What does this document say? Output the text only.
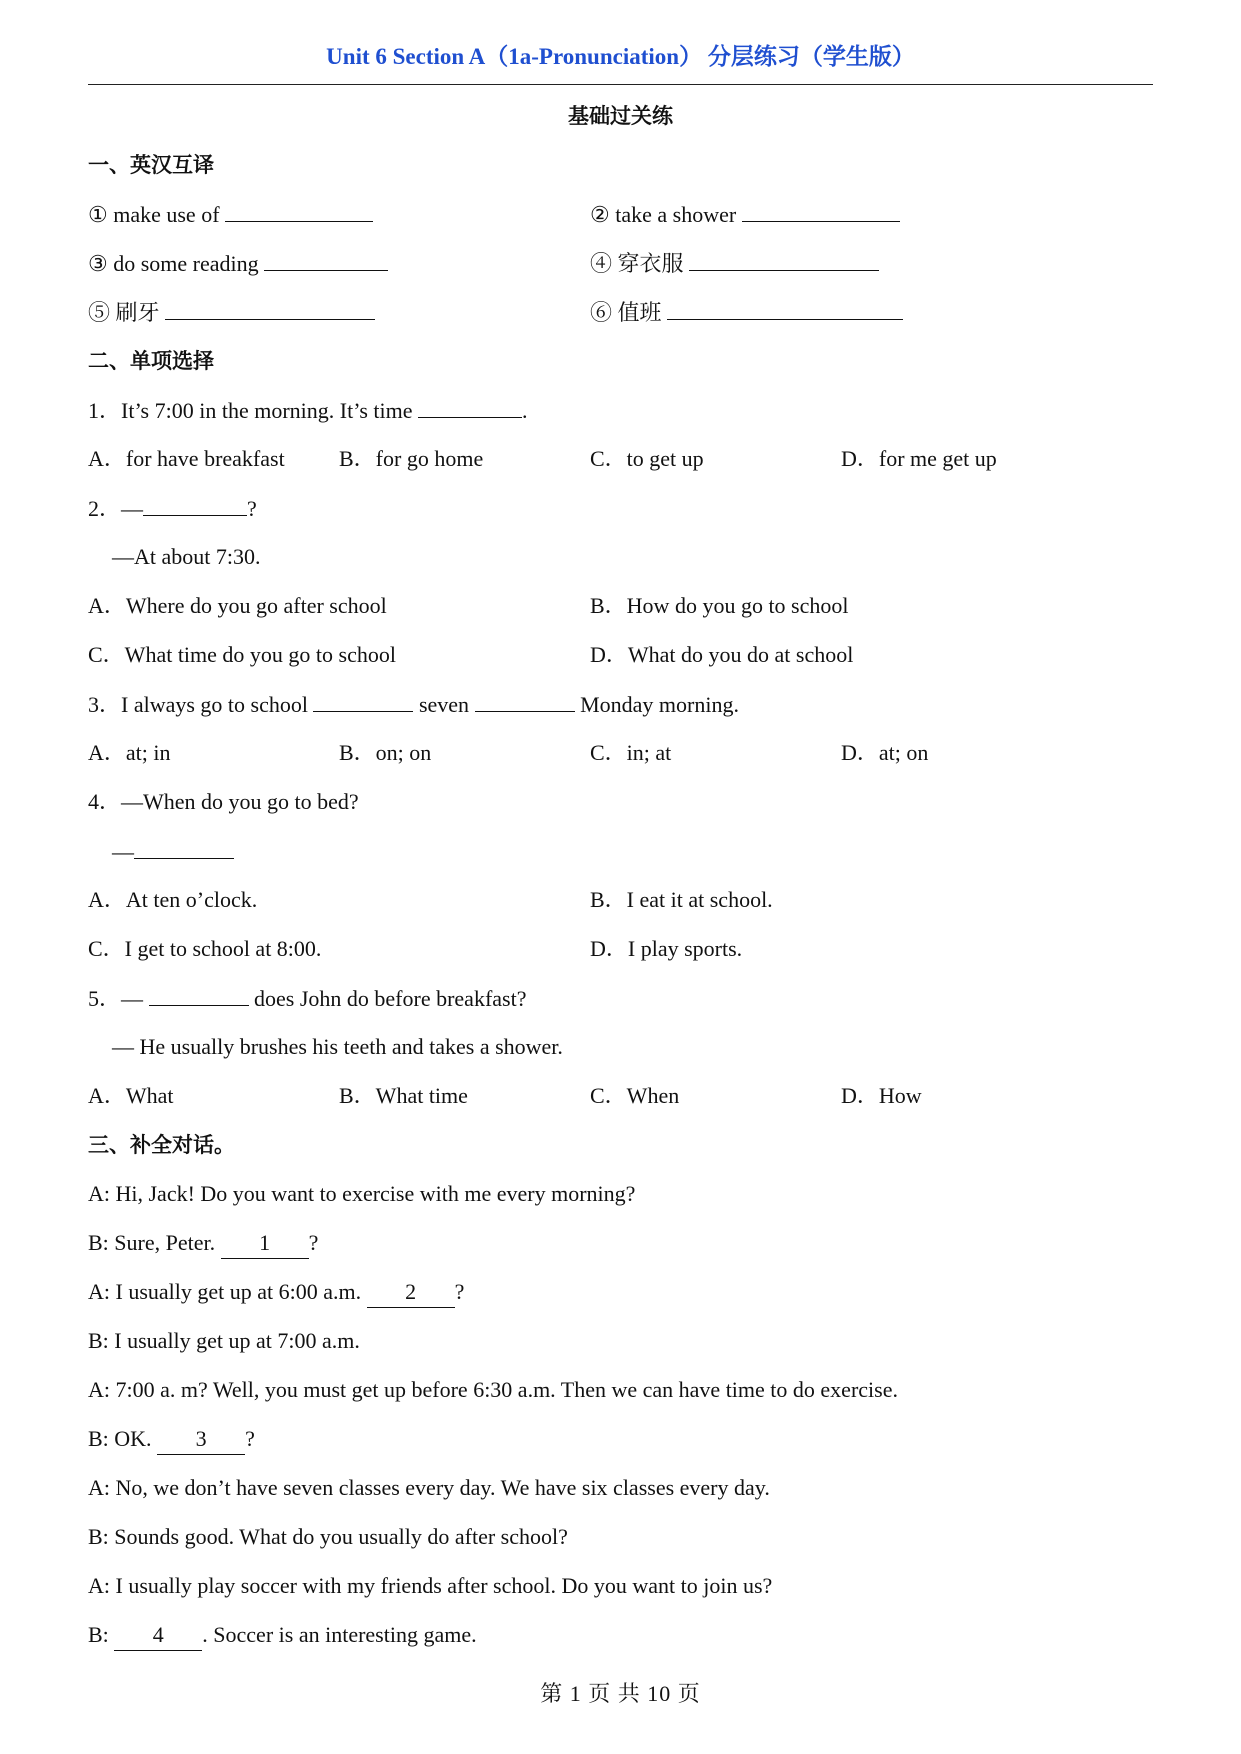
Unit 6 Section A（1a-Pronunciation） 分层练习（学生版）
基础过关练
一、英汉互译
① make use of	② take a shower
③ do some reading	④ 穿衣服
⑤ 刷牙	⑥ 值班
二、单项选择
1．It’s 7:00 in the morning. It’s time	.
A．for have breakfast B．for go home	C．to get up	D．for me get up
2．—	?
—At about 7:30.
A．Where do you go after school	B．How do you go to school
C．What time do you go to school	D．What do you do at school
3．I always go to school	seven	Monday morning.
A．at; in	B．on; on	C．in; at	D．at; on
4．—When do you go to bed?
—
A．At ten o’clock.	B．I eat it at school.
C．I get to school at 8:00.	D．I play sports.
5．—	does John do before breakfast?
— He usually brushes his teeth and takes a shower.
A．What	B．What time	C．When	D．How
三、补全对话。
A: Hi, Jack! Do you want to exercise with me every morning?
B: Sure, Peter. 1 ?
A: I usually get up at 6:00 a.m. 2 ?
B: I usually get up at 7:00 a.m.
A: 7:00 a. m? Well, you must get up before 6:30 a.m. Then we can have time to do exercise.
B: OK. 3 ?
A: No, we don’t have seven classes every day. We have six classes every day.
B: Sounds good. What do you usually do after school?
A: I usually play soccer with my friends after school. Do you want to join us?
B: 4 . Soccer is an interesting game.
第 1 页 共 10 页
